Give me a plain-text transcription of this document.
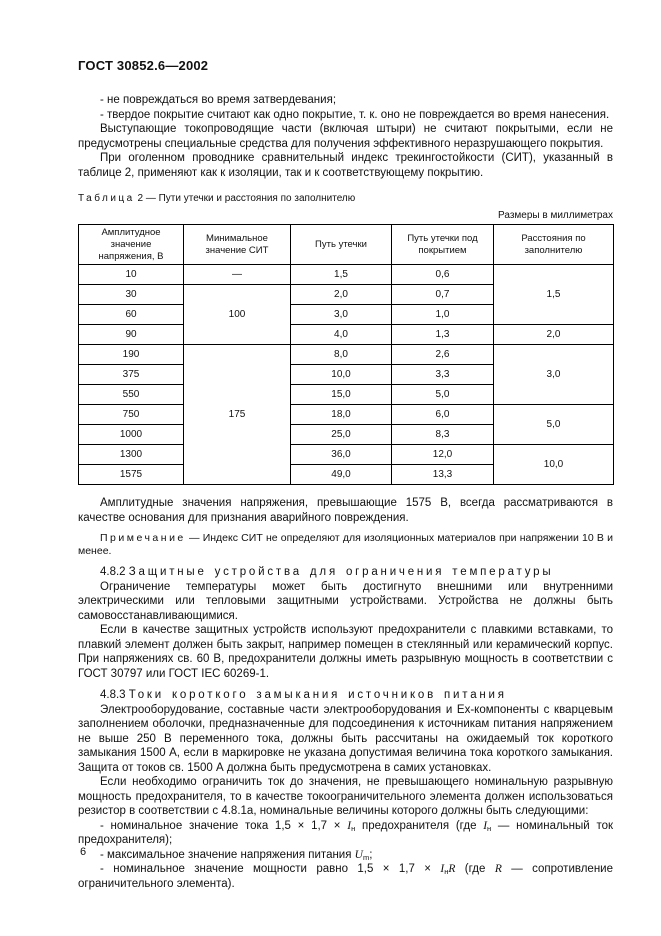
ГОСТ 30852.6—2002

- не повреждаться во время затвердевания;

- твердое покрытие считают как одно покрытие, т. к. оно не повреждается во время нанесения.

Выступающие токопроводящие части (включая штыри) не считают покрытыми, если не предусмотрены специальные средства для получения эффективного неразрушающего покрытия.

При оголенном проводнике сравнительный индекс трекингостойкости (СИТ), указанный в таблице 2, применяют как к изоляции, так и к соответствующему покрытию.

Таблица 2 — Пути утечки и расстояния по заполнителю
Размеры в миллиметрах
Амплитудное значение напряжения, В	Минимальное значение СИТ	Путь утечки	Путь утечки под покрытием	Расстояния по заполнителю
10	—	1,5	0,6	1,5
30	100	2,0	0,7	
60		3,0	1,0	
90		4,0	1,3	2,0
190	175	8,0	2,6	3,0
375		10,0	3,3	
550		15,0	5,0	
750		18,0	6,0	5,0
1000		25,0	8,3	
1300		36,0	12,0	10,0
1575		49,0	13,3	

Амплитудные значения напряжения, превышающие 1575 В, всегда рассматриваются в качестве основания для признания аварийного повреждения.

Примечание — Индекс СИТ не определяют для изоляционных материалов при напряжении 10 В и менее.

4.8.2 Защитные устройства для ограничения температуры

Ограничение температуры может быть достигнуто внешними или внутренними электрическими или тепловыми защитными устройствами. Устройства не должны быть самовосстанавливающимися.

Если в качестве защитных устройств используют предохранители с плавкими вставками, то плавкий элемент должен быть закрыт, например помещен в стеклянный или керамический корпус. При напряжениях св. 60 В, предохранители должны иметь разрывную мощность в соответствии с ГОСТ 30797 или ГОСТ IEC 60269-1.

4.8.3 Токи короткого замыкания источников питания

Электрооборудование, составные части электрооборудования и Ех-компоненты с кварцевым заполнением оболочки, предназначенные для подсоединения к источникам питания напряжением не выше 250 В переменного тока, должны быть рассчитаны на ожидаемый ток короткого замыкания 1500 А, если в маркировке не указана допустимая величина тока короткого замыкания. Защита от токов св. 1500 А должна быть предусмотрена в самих установках.

Если необходимо ограничить ток до значения, не превышающего номинальную разрывную мощность предохранителя, то в качестве токоограничительного элемента должен использоваться резистор в соответствии с 4.8.1а, номинальные величины которого должны быть следующими:

- номинальное значение тока $1,5 \times 1,7 \times I_н$ предохранителя (где $I_н$ — номинальный ток предохранителя);

- максимальное значение напряжения питания $U_m$;

- номинальное значение мощности равно $1,5 \times 1,7 \times I_нR$ (где R — сопротивление ограничительного элемента).

6
